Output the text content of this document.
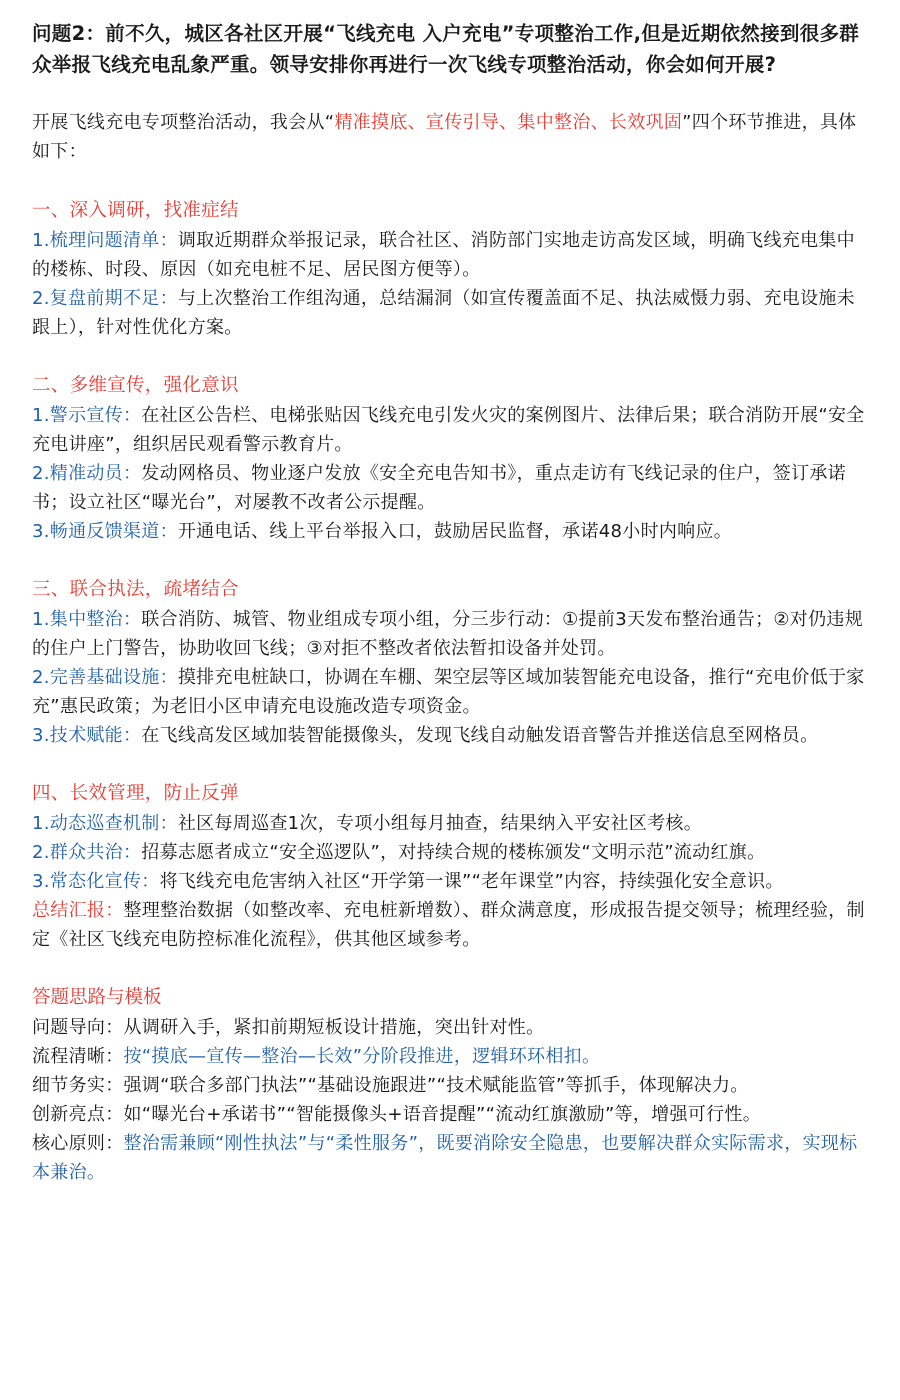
问题2：前不久，城区各社区开展“飞线充电 入户充电”专项整治工作,但是近期依然接到很多群众举报飞线充电乱象严重。领导安排你再进行一次飞线专项整治活动，你会如何开展?

开展飞线充电专项整治活动，我会从“精准摸底、宣传引导、集中整治、长效巩固”四个环节推进，具体如下：

一、深入调研，找准症结

1.梳理问题清单：调取近期群众举报记录，联合社区、消防部门实地走访高发区域，明确飞线充电集中的楼栋、时段、原因（如充电桩不足、居民图方便等）。

2.复盘前期不足：与上次整治工作组沟通，总结漏洞（如宣传覆盖面不足、执法威慑力弱、充电设施未跟上），针对性优化方案。

二、多维宣传，强化意识

1.警示宣传：在社区公告栏、电梯张贴因飞线充电引发火灾的案例图片、法律后果；联合消防开展“安全充电讲座”，组织居民观看警示教育片。

2.精准动员：发动网格员、物业逐户发放《安全充电告知书》，重点走访有飞线记录的住户，签订承诺书；设立社区“曝光台”，对屡教不改者公示提醒。

3.畅通反馈渠道：开通电话、线上平台举报入口，鼓励居民监督，承诺48小时内响应。

三、联合执法，疏堵结合

1.集中整治：联合消防、城管、物业组成专项小组，分三步行动：①提前3天发布整治通告；②对仍违规的住户上门警告，协助收回飞线；③对拒不整改者依法暂扣设备并处罚。

2.完善基础设施：摸排充电桩缺口，协调在车棚、架空层等区域加装智能充电设备，推行“充电价低于家充”惠民政策；为老旧小区申请充电设施改造专项资金。

3.技术赋能：在飞线高发区域加装智能摄像头，发现飞线自动触发语音警告并推送信息至网格员。

四、长效管理，防止反弹

1.动态巡查机制：社区每周巡查1次，专项小组每月抽查，结果纳入平安社区考核。

2.群众共治：招募志愿者成立“安全巡逻队”，对持续合规的楼栋颁发“文明示范”流动红旗。

3.常态化宣传：将飞线充电危害纳入社区“开学第一课”“老年课堂”内容，持续强化安全意识。

总结汇报：整理整治数据（如整改率、充电桩新增数）、群众满意度，形成报告提交领导；梳理经验，制定《社区飞线充电防控标准化流程》，供其他区域参考。

答题思路与模板

问题导向：从调研入手，紧扣前期短板设计措施，突出针对性。

流程清晰：按“摸底—宣传—整治—长效”分阶段推进，逻辑环环相扣。

细节务实：强调“联合多部门执法”“基础设施跟进”“技术赋能监管”等抓手，体现解决力。

创新亮点：如“曝光台+承诺书”“智能摄像头+语音提醒”“流动红旗激励”等，增强可行性。

核心原则：整治需兼顾“刚性执法”与“柔性服务”，既要消除安全隐患，也要解决群众实际需求，实现标本兼治。
